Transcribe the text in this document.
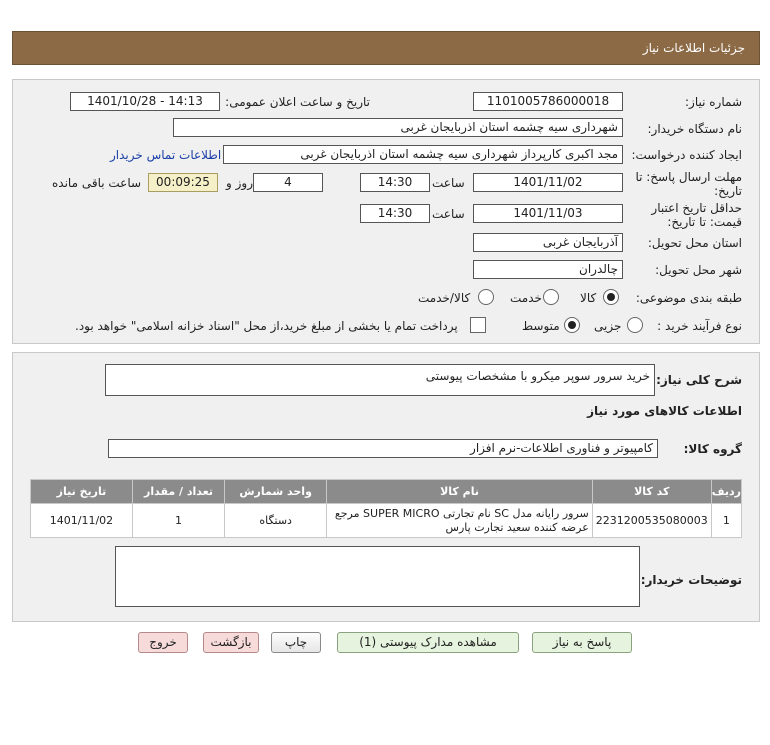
جزئیات اطلاعات نیاز
شماره نیاز:
1101005786000018
تاریخ و ساعت اعلان عمومی:
1401/10/28 - 14:13
نام دستگاه خریدار:
شهرداری سیه چشمه استان اذربایجان غربی
ایجاد کننده درخواست:
مجد اکبری کارپرداز شهرداری سیه چشمه استان اذربایجان غربی
اطلاعات تماس خریدار
مهلت ارسال پاسخ: تا
تاریخ:
1401/11/02
ساعت
14:30
4
روز و
00:09:25
ساعت باقی مانده
حداقل تاریخ اعتبار
قیمت: تا تاریخ:
1401/11/03
ساعت
14:30
استان محل تحویل:
آذربایجان غربی
شهر محل تحویل:
چالدران
طبقه بندی موضوعی:
کالا
خدمت
کالا/خدمت
نوع فرآیند خرید :
جزیی
متوسط
پرداخت تمام یا بخشی از مبلغ خرید،از محل "اسناد خزانه اسلامی" خواهد بود.
شرح کلی نیاز:
خرید سرور سوپر میکرو با مشخصات پیوستی
اطلاعات کالاهای مورد نیاز
گروه کالا:
کامپیوتر و فناوری اطلاعات-نرم افزار
تاریخ نیاز	تعداد / مقدار	واحد شمارش	نام کالا	کد کالا	ردیف
1401/11/02	1	دستگاه	سرور رایانه مدل SC نام تجارتی SUPER MICRO مرجع عرضه کننده سعید تجارت پارس	2231200535080003	1
توضیحات خریدار:
پاسخ به نیاز
مشاهده مدارک پیوستی (1)
چاپ
بازگشت
خروج
